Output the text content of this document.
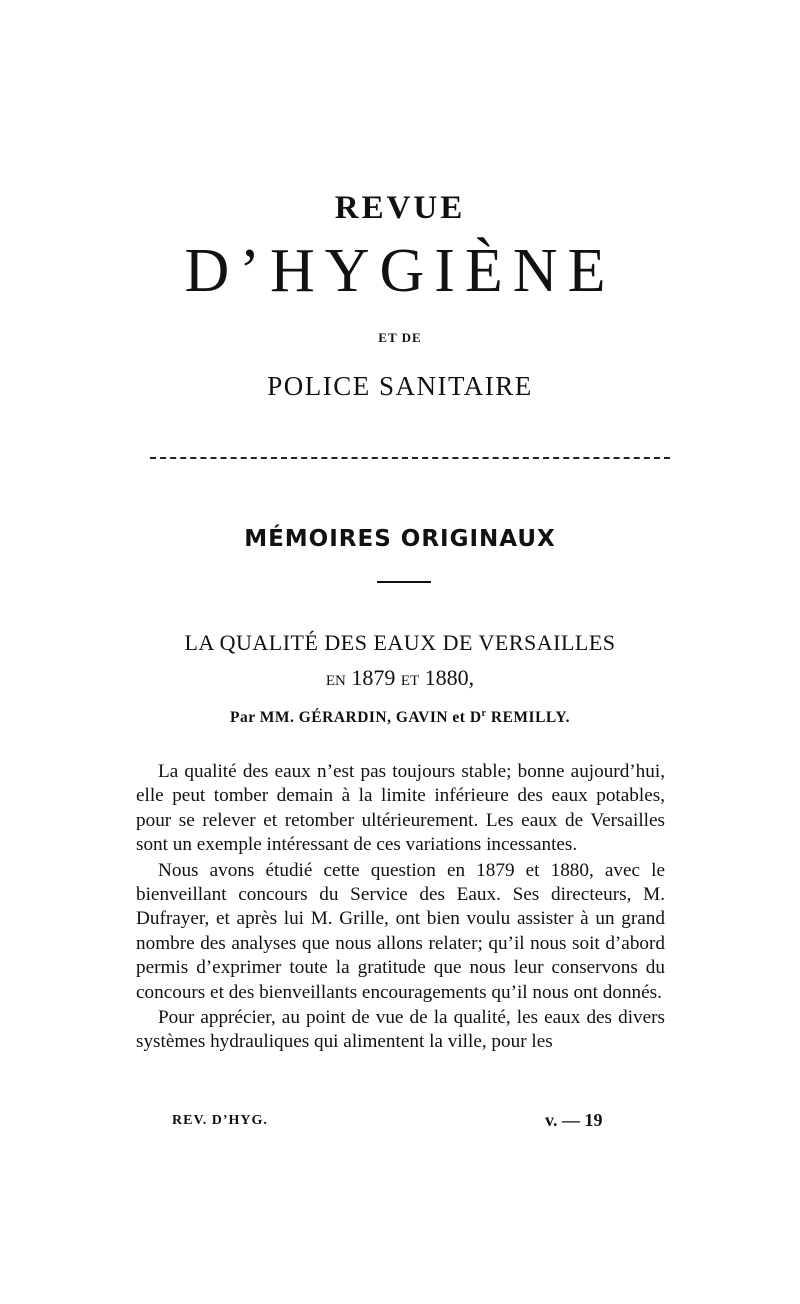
REVUE
D’HYGIÈNE
ET DE
POLICE SANITAIRE
MÉMOIRES ORIGINAUX
LA QUALITÉ DES EAUX DE VERSAILLES
EN 1879 ET 1880,
Par MM. GÉRARDIN, GAVIN et $D^r$ REMILLY.

La qualité des eaux n’est pas toujours stable; bonne aujourd’hui, elle peut tomber demain à la limite inférieure des eaux potables, pour se relever et retomber ultérieurement. Les eaux de Versailles sont un exemple intéressant de ces variations incessantes.

Nous avons étudié cette question en 1879 et 1880, avec le bienveillant concours du Service des Eaux. Ses directeurs, M. Dufrayer, et après lui M. Grille, ont bien voulu assister à un grand nombre des analyses que nous allons relater; qu’il nous soit d’abord permis d’exprimer toute la gratitude que nous leur conservons du concours et des bienveillants encouragements qu’il nous ont donnés.

Pour apprécier, au point de vue de la qualité, les eaux des divers systèmes hydrauliques qui alimentent la ville, pour les

REV. D’HYG.	v. — 19
